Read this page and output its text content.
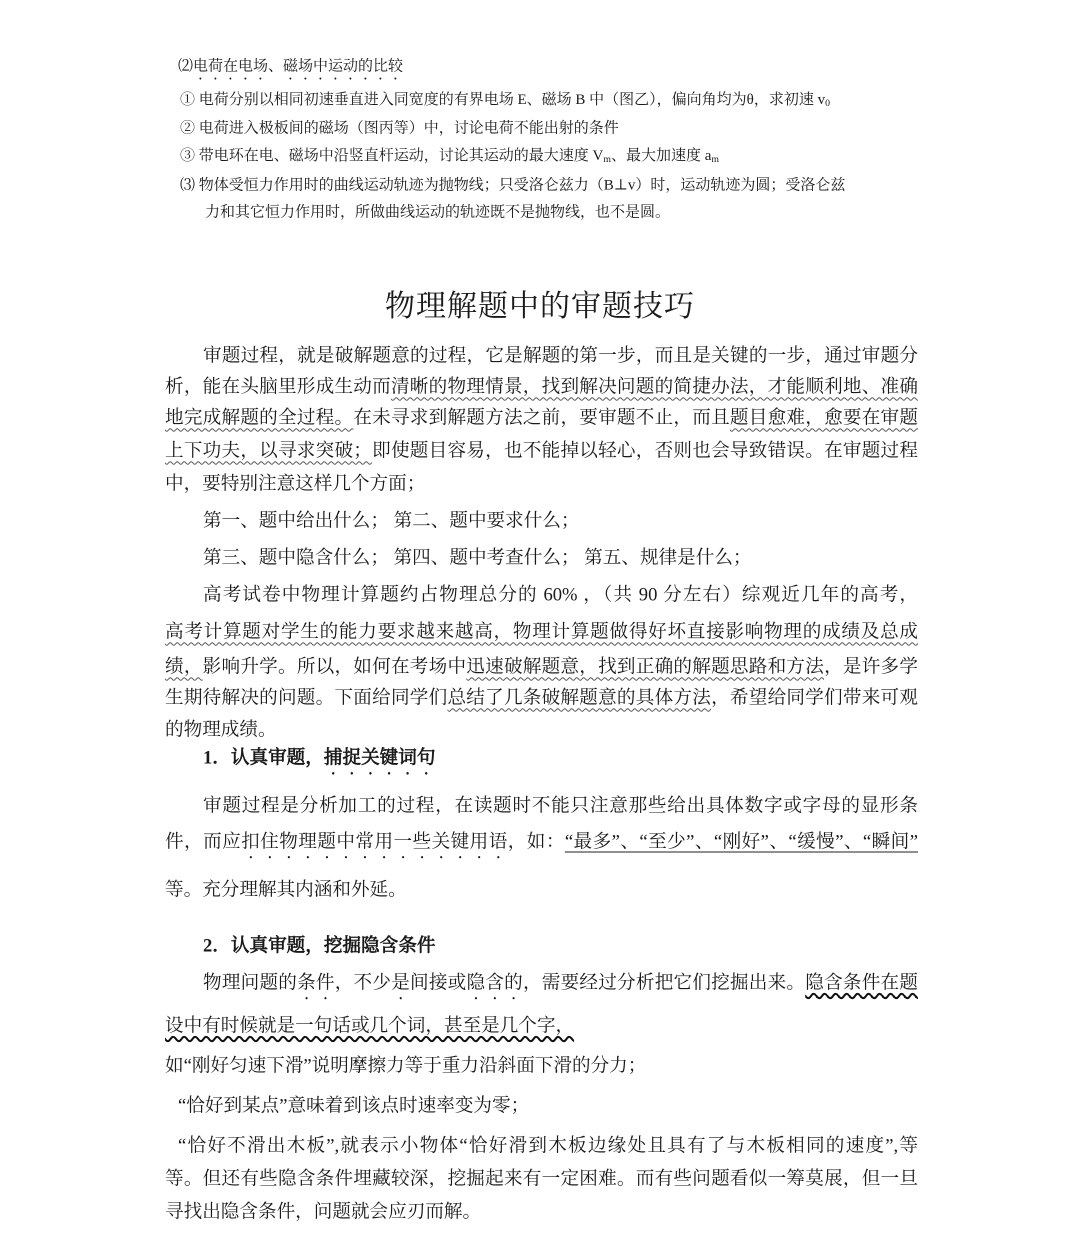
⑵电荷在电场、磁场中运动的比较
① 电荷分别以相同初速垂直进入同宽度的有界电场 E、磁场 B 中（图乙），偏向角均为θ，求初速 v0
② 电荷进入极板间的磁场（图丙等）中，讨论电荷不能出射的条件
③ 带电环在电、磁场中沿竖直杆运动，讨论其运动的最大速度 Vm、最大加速度 am
⑶ 物体受恒力作用时的曲线运动轨迹为抛物线；只受洛仑兹力（B⊥v）时，运动轨迹为圆；受洛仑兹
力和其它恒力作用时，所做曲线运动的轨迹既不是抛物线，也不是圆。
物理解题中的审题技巧
审题过程，就是破解题意的过程，它是解题的第一步，而且是关键的一步，通过审题分
析，能在头脑里形成生动而清晰的物理情景，找到解决问题的简捷办法，才能顺利地、准确
地完成解题的全过程。在未寻求到解题方法之前，要审题不止，而且题目愈难，愈要在审题
上下功夫，以寻求突破；即使题目容易，也不能掉以轻心，否则也会导致错误。在审题过程
中，要特别注意这样几个方面；
第一、题中给出什么； 第二、题中要求什么；
第三、题中隐含什么； 第四、题中考查什么； 第五、规律是什么；
高考试卷中物理计算题约占物理总分的 60% ，（共 90 分左右）综观近几年的高考，
高考计算题对学生的能力要求越来越高，物理计算题做得好坏直接影响物理的成绩及总成
绩，影响升学。所以，如何在考场中迅速破解题意，找到正确的解题思路和方法，是许多学
生期待解决的问题。下面给同学们总结了几条破解题意的具体方法，希望给同学们带来可观
的物理成绩。
1．认真审题，捕捉关键词句
审题过程是分析加工的过程，在读题时不能只注意那些给出具体数字或字母的显形条
件，而应扣住物理题中常用一些关键用语，如：“最多”、“至少”、“刚好”、“缓慢”、“瞬间”
等。充分理解其内涵和外延。
2．认真审题，挖掘隐含条件
物理问题的条件，不少是间接或隐含的，需要经过分析把它们挖掘出来。隐含条件在题
设中有时候就是一句话或几个词，甚至是几个字，
如“刚好匀速下滑”说明摩擦力等于重力沿斜面下滑的分力；
“恰好到某点”意味着到该点时速率变为零；
“恰好不滑出木板”,就表示小物体“恰好滑到木板边缘处且具有了与木板相同的速度”,等
等。但还有些隐含条件埋藏较深，挖掘起来有一定困难。而有些问题看似一筹莫展，但一旦
寻找出隐含条件，问题就会应刃而解。
